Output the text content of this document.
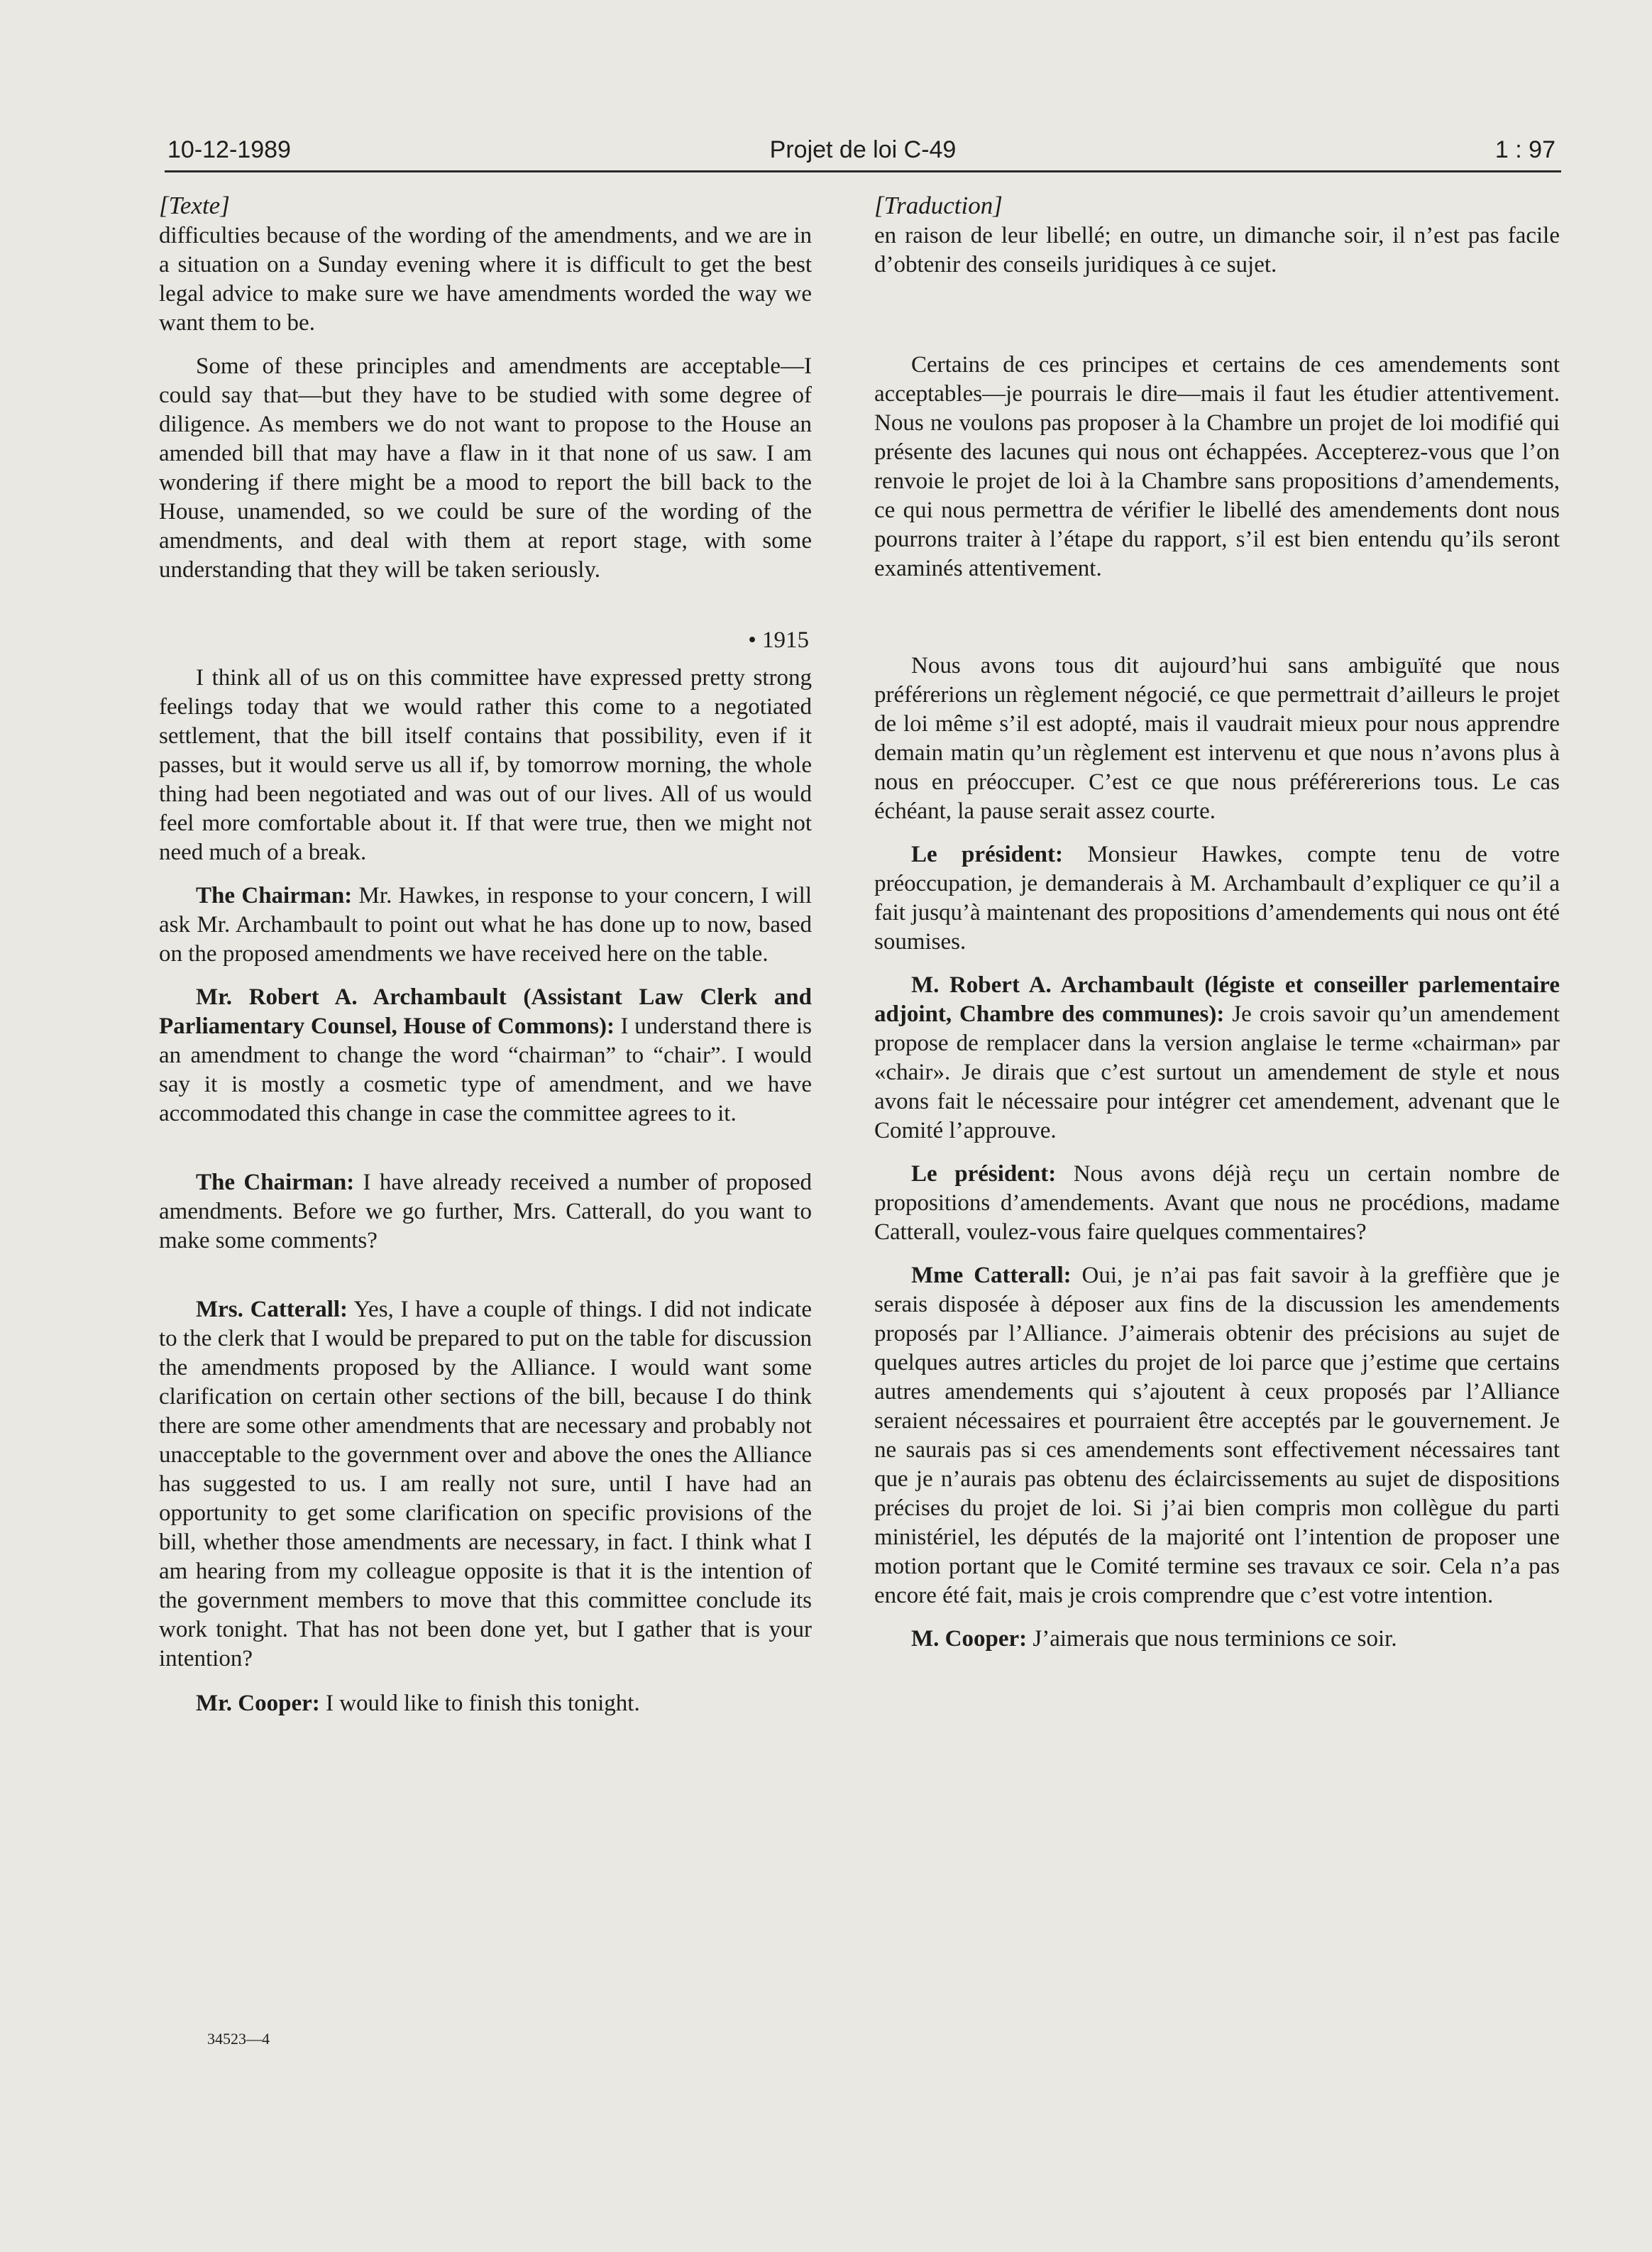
10-12-1989	Projet de loi C-49	1 : 97

[Texte]

difficulties because of the wording of the amendments, and we are in a situation on a Sunday evening where it is difficult to get the best legal advice to make sure we have amendments worded the way we want them to be.

Some of these principles and amendments are acceptable—I could say that—but they have to be studied with some degree of diligence. As members we do not want to propose to the House an amended bill that may have a flaw in it that none of us saw. I am wondering if there might be a mood to report the bill back to the House, unamended, so we could be sure of the wording of the amendments, and deal with them at report stage, with some understanding that they will be taken seriously.

• 1915

I think all of us on this committee have expressed pretty strong feelings today that we would rather this come to a negotiated settlement, that the bill itself contains that possibility, even if it passes, but it would serve us all if, by tomorrow morning, the whole thing had been negotiated and was out of our lives. All of us would feel more comfortable about it. If that were true, then we might not need much of a break.

The Chairman: Mr. Hawkes, in response to your concern, I will ask Mr. Archambault to point out what he has done up to now, based on the proposed amendments we have received here on the table.

Mr. Robert A. Archambault (Assistant Law Clerk and Parliamentary Counsel, House of Commons): I understand there is an amendment to change the word “chairman” to “chair”. I would say it is mostly a cosmetic type of amendment, and we have accommodated this change in case the committee agrees to it.

The Chairman: I have already received a number of proposed amendments. Before we go further, Mrs. Catterall, do you want to make some comments?

Mrs. Catterall: Yes, I have a couple of things. I did not indicate to the clerk that I would be prepared to put on the table for discussion the amendments proposed by the Alliance. I would want some clarification on certain other sections of the bill, because I do think there are some other amendments that are necessary and probably not unacceptable to the government over and above the ones the Alliance has suggested to us. I am really not sure, until I have had an opportunity to get some clarification on specific provisions of the bill, whether those amendments are necessary, in fact. I think what I am hearing from my colleague opposite is that it is the intention of the government members to move that this committee conclude its work tonight. That has not been done yet, but I gather that is your intention?

Mr. Cooper: I would like to finish this tonight.

[Traduction]

en raison de leur libellé; en outre, un dimanche soir, il n’est pas facile d’obtenir des conseils juridiques à ce sujet.

Certains de ces principes et certains de ces amendements sont acceptables—je pourrais le dire—mais il faut les étudier attentivement. Nous ne voulons pas proposer à la Chambre un projet de loi modifié qui présente des lacunes qui nous ont échappées. Accepterez-vous que l’on renvoie le projet de loi à la Chambre sans propositions d’amendements, ce qui nous permettra de vérifier le libellé des amendements dont nous pourrons traiter à l’étape du rapport, s’il est bien entendu qu’ils seront examinés attentivement.

Nous avons tous dit aujourd’hui sans ambiguïté que nous préférerions un règlement négocié, ce que permettrait d’ailleurs le projet de loi même s’il est adopté, mais il vaudrait mieux pour nous apprendre demain matin qu’un règlement est intervenu et que nous n’avons plus à nous en préoccuper. C’est ce que nous préférererions tous. Le cas échéant, la pause serait assez courte.

Le président: Monsieur Hawkes, compte tenu de votre préoccupation, je demanderais à M. Archambault d’expliquer ce qu’il a fait jusqu’à maintenant des propositions d’amendements qui nous ont été soumises.

M. Robert A. Archambault (légiste et conseiller parlementaire adjoint, Chambre des communes): Je crois savoir qu’un amendement propose de remplacer dans la version anglaise le terme «chairman» par «chair». Je dirais que c’est surtout un amendement de style et nous avons fait le nécessaire pour intégrer cet amendement, advenant que le Comité l’approuve.

Le président: Nous avons déjà reçu un certain nombre de propositions d’amendements. Avant que nous ne procédions, madame Catterall, voulez-vous faire quelques commentaires?

Mme Catterall: Oui, je n’ai pas fait savoir à la greffière que je serais disposée à déposer aux fins de la discussion les amendements proposés par l’Alliance. J’aimerais obtenir des précisions au sujet de quelques autres articles du projet de loi parce que j’estime que certains autres amendements qui s’ajoutent à ceux proposés par l’Alliance seraient nécessaires et pourraient être acceptés par le gouvernement. Je ne saurais pas si ces amendements sont effectivement nécessaires tant que je n’aurais pas obtenu des éclaircissements au sujet de dispositions précises du projet de loi. Si j’ai bien compris mon collègue du parti ministériel, les députés de la majorité ont l’intention de proposer une motion portant que le Comité termine ses travaux ce soir. Cela n’a pas encore été fait, mais je crois comprendre que c’est votre intention.

M. Cooper: J’aimerais que nous terminions ce soir.

34523—4
